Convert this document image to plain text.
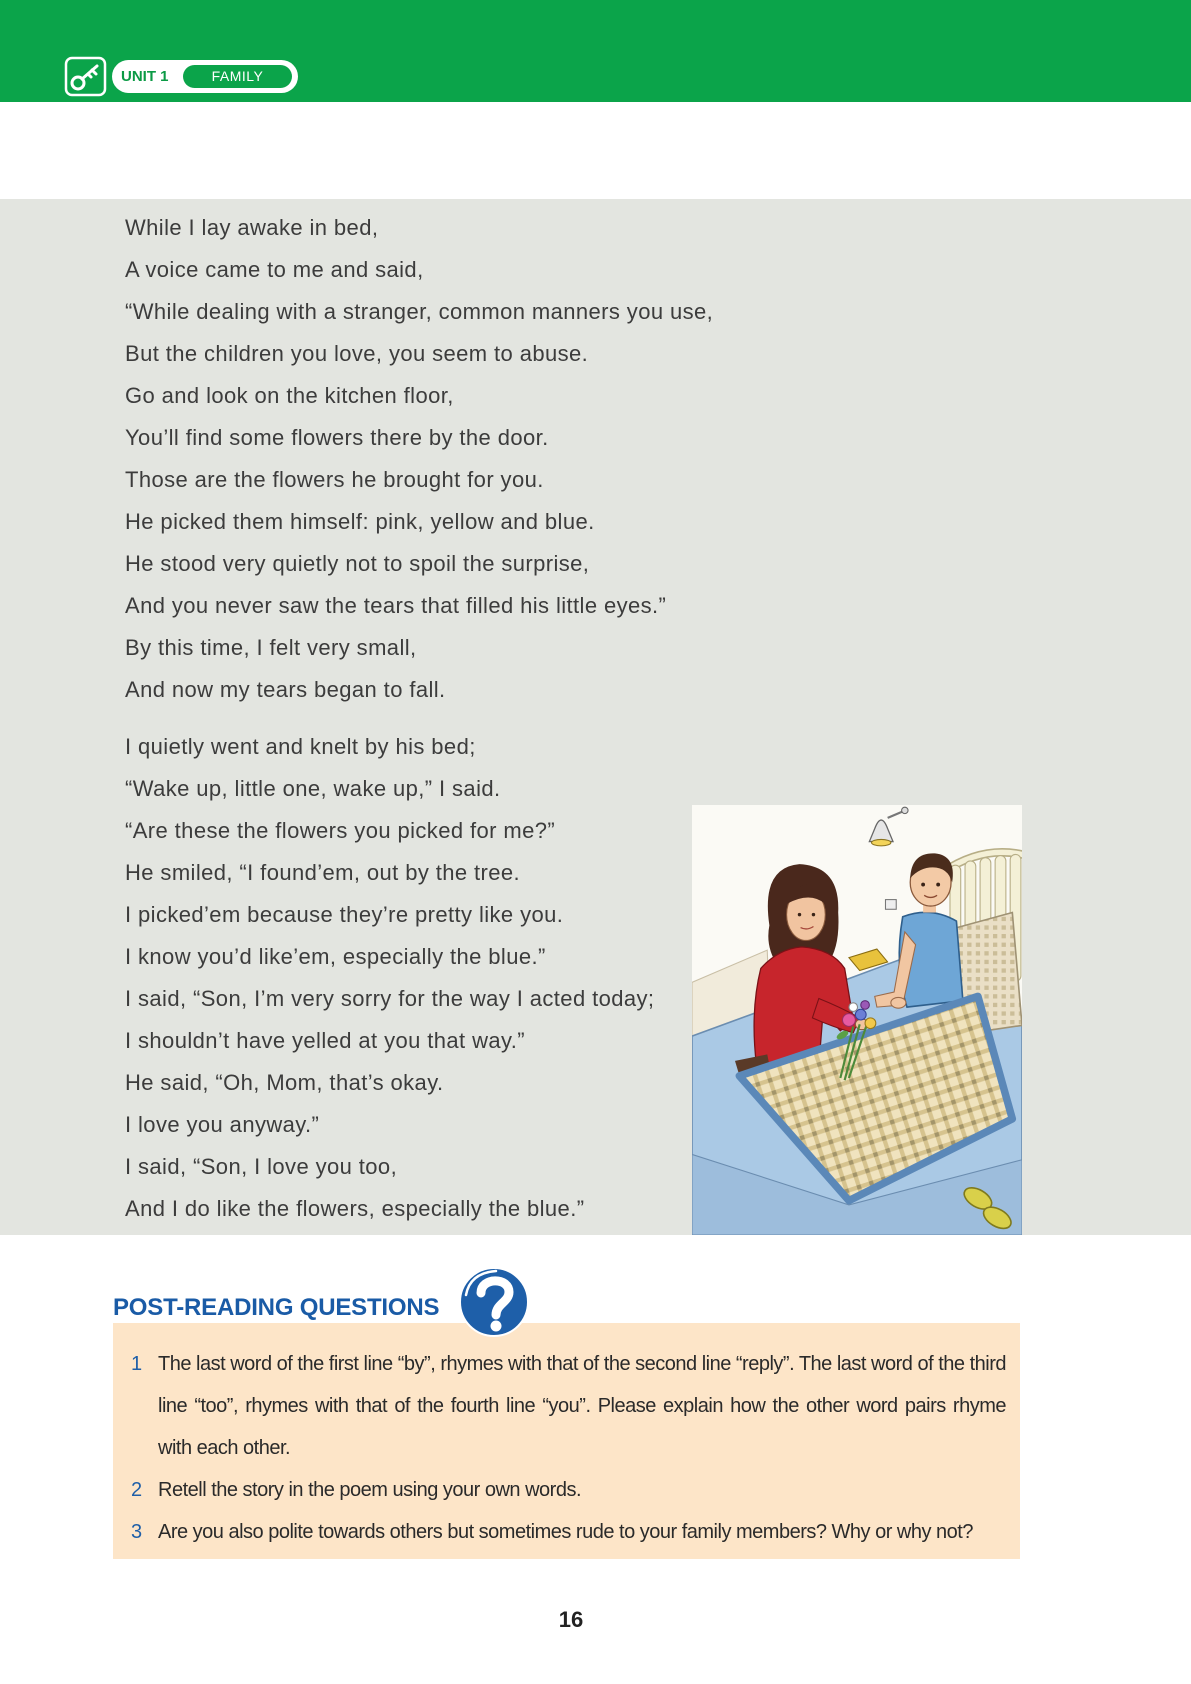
UNIT 1	FAMILY
While I lay awake in bed,
A voice came to me and said,
“While dealing with a stranger, common manners you use,
But the children you love, you seem to abuse.
Go and look on the kitchen floor,
You’ll find some flowers there by the door.
Those are the flowers he brought for you.
He picked them himself: pink, yellow and blue.
He stood very quietly not to spoil the surprise,
And you never saw the tears that filled his little eyes.”
By this time, I felt very small,
And now my tears began to fall.
I quietly went and knelt by his bed;
“Wake up, little one, wake up,” I said.
“Are these the flowers you picked for me?”
He smiled, “I found’em, out by the tree.
I picked’em because they’re pretty like you.
I know you’d like’em, especially the blue.”
I said, “Son, I’m very sorry for the way I acted today;
I shouldn’t have yelled at you that way.”
He said, “Oh, Mom, that’s okay.
I love you anyway.”
I said, “Son, I love you too,
And I do like the flowers, especially the blue.”
POST-READING QUESTIONS
1 The last word of the first line “by”, rhymes with that of the second line “reply”. The last word of the third line “too”, rhymes with that of the fourth line “you”. Please explain how the other word pairs rhyme with each other.
2 Retell the story in the poem using your own words.
3 Are you also polite towards others but sometimes rude to your family members? Why or why not?
16
